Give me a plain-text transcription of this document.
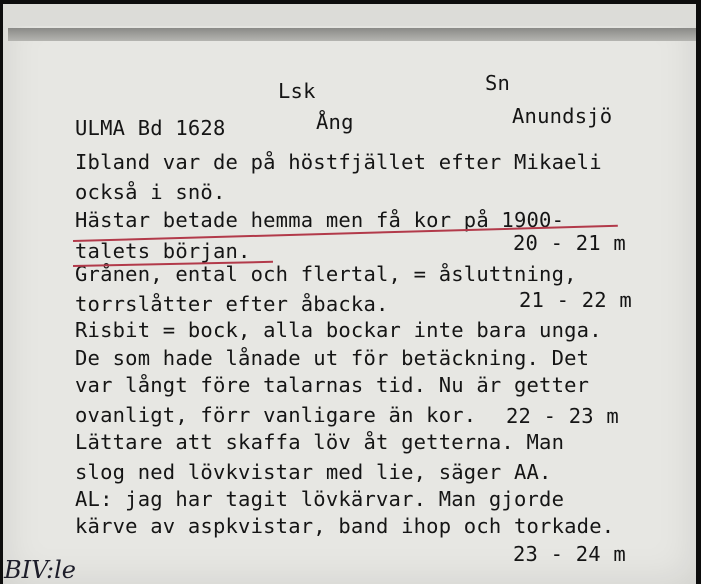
Lsk	Sn
ULMA Bd 1628	Ång	Anundsjö
Ibland var de på höstfjället efter Mikaeli
också i snö.
Hästar betade hemma men få kor på 1900-
talets början.
Grånen, ental och flertal, = åsluttning,
torrslåtter efter åbacka.
Risbit = bock, alla bockar inte bara unga.
De som hade lånade ut för betäckning. Det
var långt före talarnas tid. Nu är getter
ovanligt, förr vanligare än kor.
Lättare att skaffa löv åt getterna. Man
slog ned lövkvistar med lie, säger AA.
AL: jag har tagit lövkärvar. Man gjorde
kärve av aspkvistar, band ihop och torkade.
20 - 21 m
21 - 22 m
22 - 23 m
23 - 24 m
BIV:le
